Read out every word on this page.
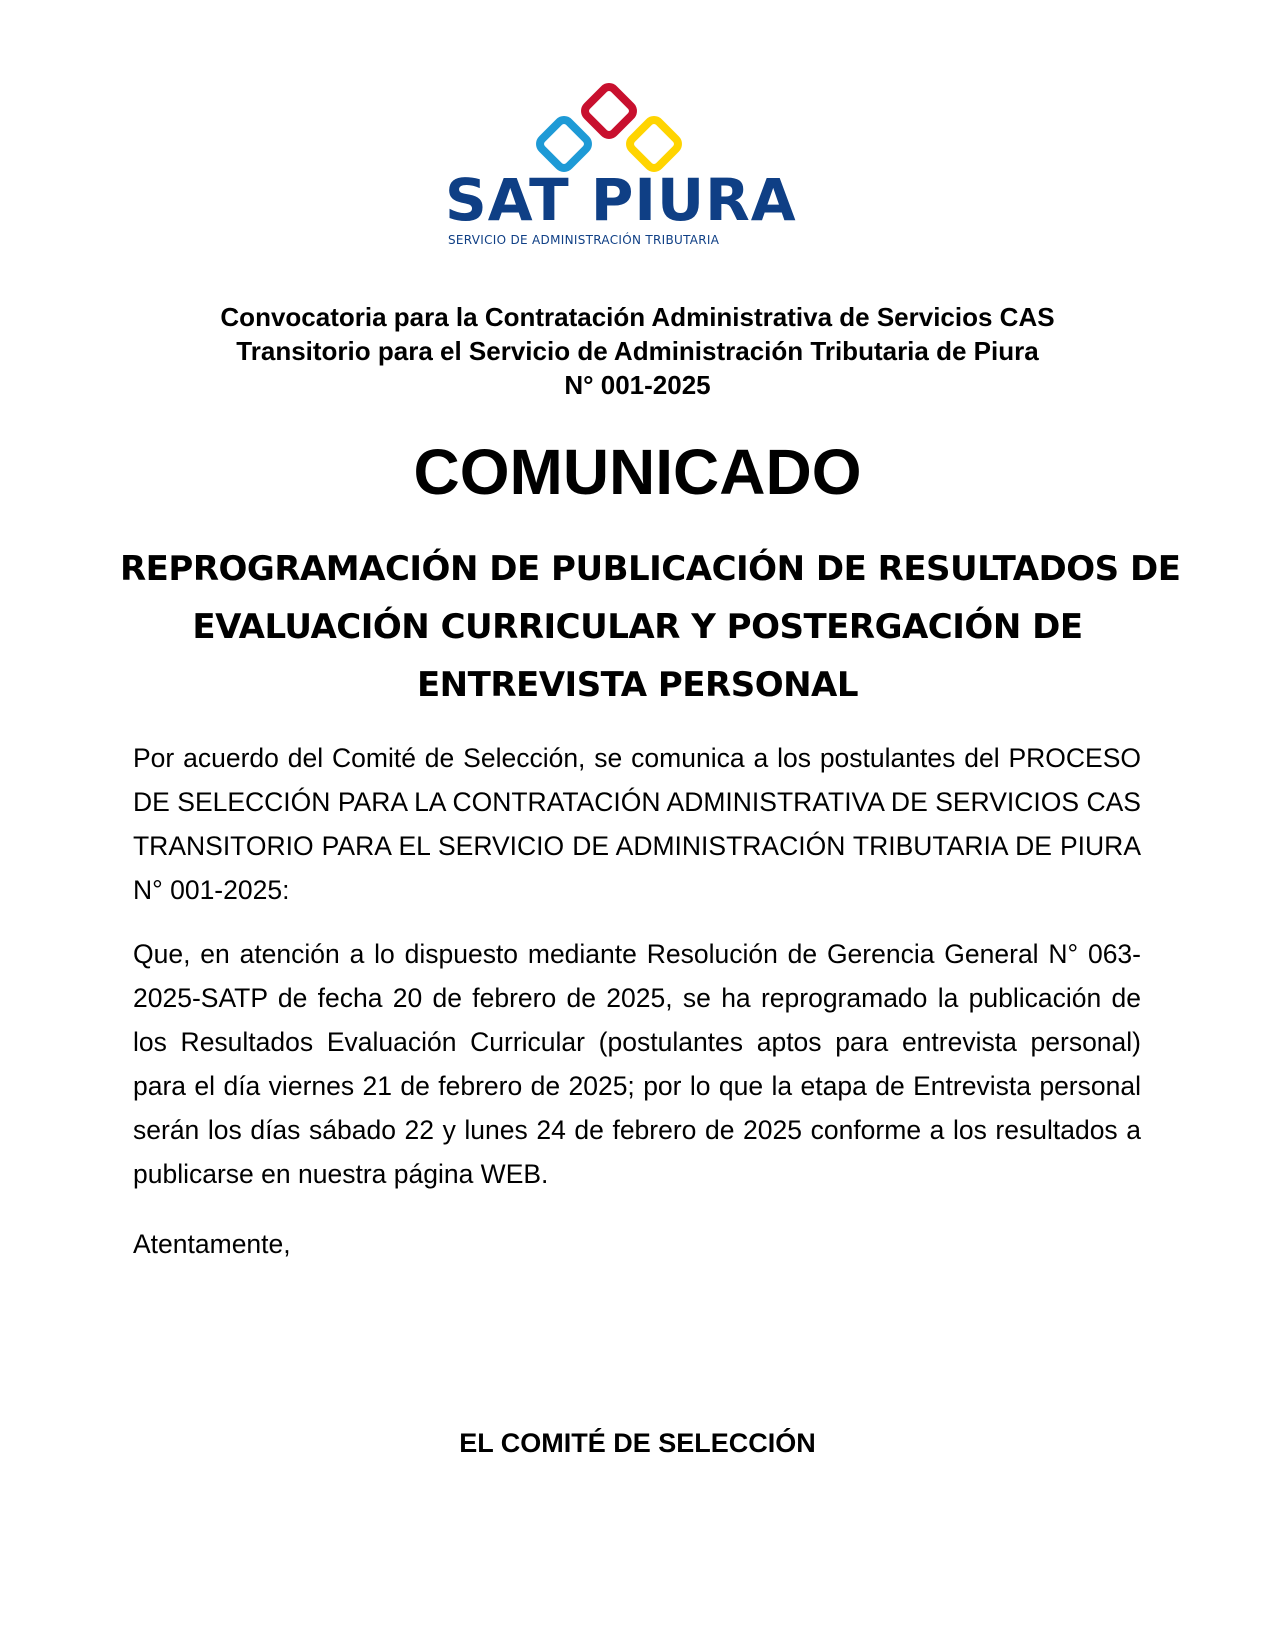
SAT PIURA
SERVICIO DE ADMINISTRACIÓN TRIBUTARIA
Convocatoria para la Contratación Administrativa de Servicios CAS
Transitorio para el Servicio de Administración Tributaria de Piura
N° 001-2025
COMUNICADO
REPROGRAMACIÓN DE PUBLICACIÓN DE RESULTADOS DE
EVALUACIÓN CURRICULAR Y POSTERGACIÓN DE
ENTREVISTA PERSONAL
Por acuerdo del Comité de Selección, se comunica a los postulantes del PROCESO DE SELECCIÓN PARA LA CONTRATACIÓN ADMINISTRATIVA DE SERVICIOS CAS TRANSITORIO PARA EL SERVICIO DE ADMINISTRACIÓN TRIBUTARIA DE PIURA N° 001-2025:
Que, en atención a lo dispuesto mediante Resolución de Gerencia General N° 063-2025-SATP de fecha 20 de febrero de 2025, se ha reprogramado la publicación de los Resultados Evaluación Curricular (postulantes aptos para entrevista personal) para el día viernes 21 de febrero de 2025; por lo que la etapa de Entrevista personal serán los días sábado 22 y lunes 24 de febrero de 2025 conforme a los resultados a publicarse en nuestra página WEB.
Atentamente,
EL COMITÉ DE SELECCIÓN
